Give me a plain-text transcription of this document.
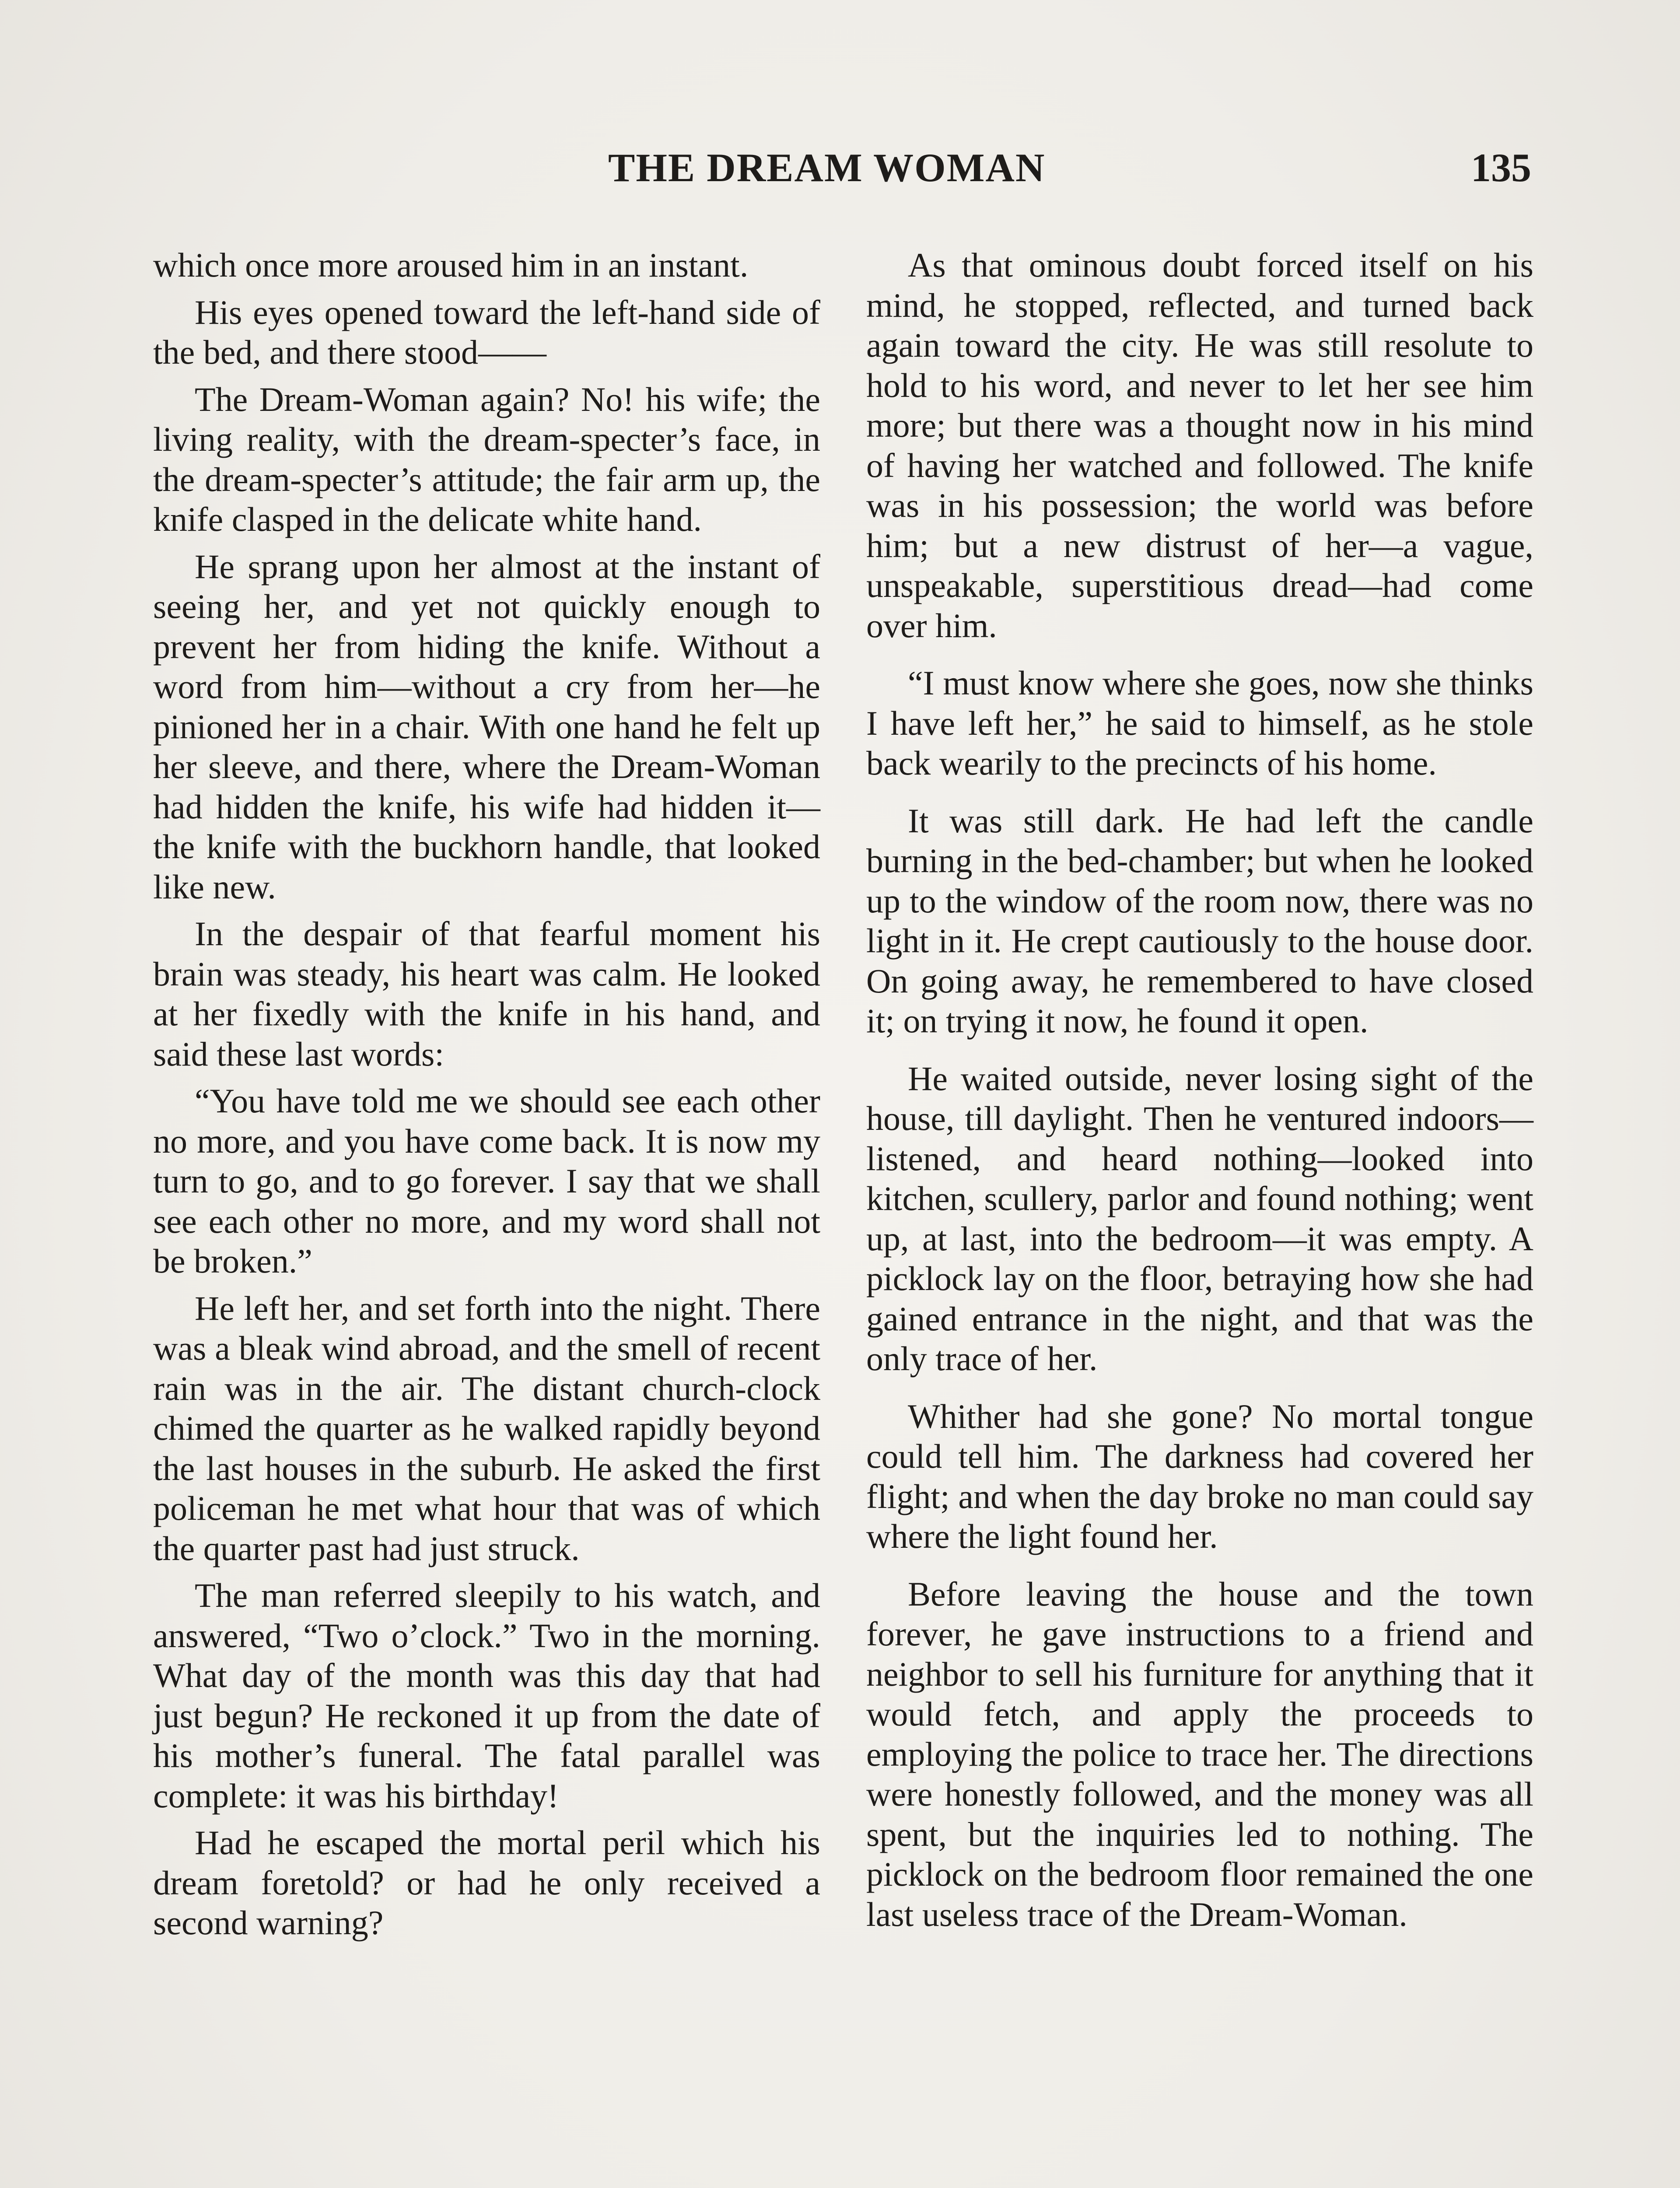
THE DREAM WOMAN	135

which once more aroused him in an instant.

His eyes opened toward the left-hand side of the bed, and there stood——

The Dream-Woman again? No! his wife; the living reality, with the dream-specter’s face, in the dream-specter’s attitude; the fair arm up, the knife clasped in the delicate white hand.

He sprang upon her almost at the instant of seeing her, and yet not quickly enough to prevent her from hiding the knife. Without a word from him—without a cry from her—he pinioned her in a chair. With one hand he felt up her sleeve, and there, where the Dream-Woman had hidden the knife, his wife had hidden it—the knife with the buckhorn handle, that looked like new.

In the despair of that fearful moment his brain was steady, his heart was calm. He looked at her fixedly with the knife in his hand, and said these last words:

“You have told me we should see each other no more, and you have come back. It is now my turn to go, and to go forever. I say that we shall see each other no more, and my word shall not be broken.”

He left her, and set forth into the night. There was a bleak wind abroad, and the smell of recent rain was in the air. The distant church-clock chimed the quarter as he walked rapidly beyond the last houses in the suburb. He asked the first policeman he met what hour that was of which the quarter past had just struck.

The man referred sleepily to his watch, and answered, “Two o’clock.” Two in the morning. What day of the month was this day that had just begun? He reckoned it up from the date of his mother’s funeral. The fatal parallel was complete: it was his birthday!

Had he escaped the mortal peril which his dream foretold? or had he only received a second warning?

As that ominous doubt forced itself on his mind, he stopped, reflected, and turned back again toward the city. He was still resolute to hold to his word, and never to let her see him more; but there was a thought now in his mind of having her watched and followed. The knife was in his possession; the world was before him; but a new distrust of her—a vague, unspeakable, superstitious dread—had come over him.

“I must know where she goes, now she thinks I have left her,” he said to himself, as he stole back wearily to the precincts of his home.

It was still dark. He had left the candle burning in the bed-chamber; but when he looked up to the window of the room now, there was no light in it. He crept cautiously to the house door. On going away, he remembered to have closed it; on trying it now, he found it open.

He waited outside, never losing sight of the house, till daylight. Then he ventured indoors—listened, and heard nothing—looked into kitchen, scullery, parlor and found nothing; went up, at last, into the bedroom—it was empty. A picklock lay on the floor, betraying how she had gained entrance in the night, and that was the only trace of her.

Whither had she gone? No mortal tongue could tell him. The darkness had covered her flight; and when the day broke no man could say where the light found her.

Before leaving the house and the town forever, he gave instructions to a friend and neighbor to sell his furniture for anything that it would fetch, and apply the proceeds to employing the police to trace her. The directions were honestly followed, and the money was all spent, but the inquiries led to nothing. The picklock on the bedroom floor remained the one last useless trace of the Dream-Woman.
